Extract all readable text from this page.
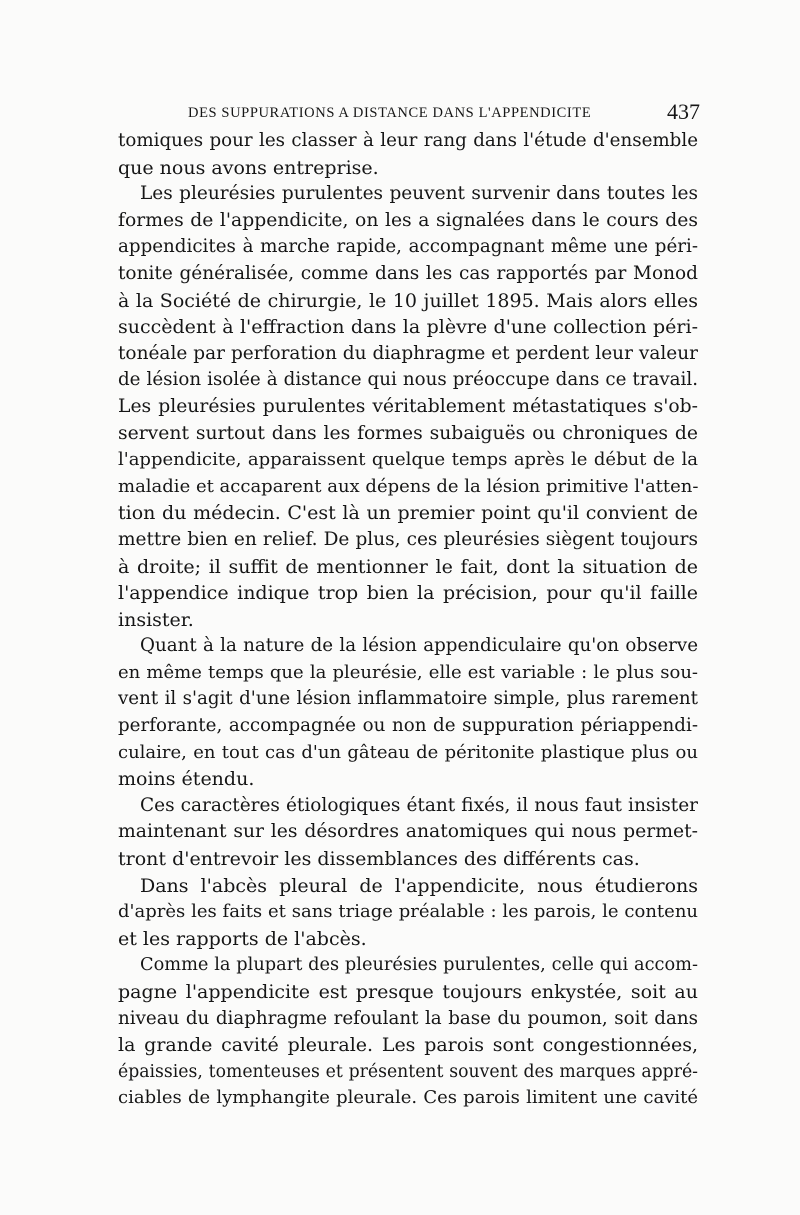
DES SUPPURATIONS A DISTANCE DANS L'APPENDICITE	437
tomiques pour les classer à leur rang dans l'étude d'ensemble
que nous avons entreprise.
Les pleurésies purulentes peuvent survenir dans toutes les
formes de l'appendicite, on les a signalées dans le cours des
appendicites à marche rapide, accompagnant même une péri-
tonite généralisée, comme dans les cas rapportés par Monod
à la Société de chirurgie, le 10 juillet 1895. Mais alors elles
succèdent à l'effraction dans la plèvre d'une collection péri-
tonéale par perforation du diaphragme et perdent leur valeur
de lésion isolée à distance qui nous préoccupe dans ce travail.
Les pleurésies purulentes véritablement métastatiques s'ob-
servent surtout dans les formes subaiguës ou chroniques de
l'appendicite, apparaissent quelque temps après le début de la
maladie et accaparent aux dépens de la lésion primitive l'atten-
tion du médecin. C'est là un premier point qu'il convient de
mettre bien en relief. De plus, ces pleurésies siègent toujours
à droite; il suffit de mentionner le fait, dont la situation de
l'appendice indique trop bien la précision, pour qu'il faille
insister.
Quant à la nature de la lésion appendiculaire qu'on observe
en même temps que la pleurésie, elle est variable : le plus sou-
vent il s'agit d'une lésion inflammatoire simple, plus rarement
perforante, accompagnée ou non de suppuration périappendi-
culaire, en tout cas d'un gâteau de péritonite plastique plus ou
moins étendu.
Ces caractères étiologiques étant fixés, il nous faut insister
maintenant sur les désordres anatomiques qui nous permet-
tront d'entrevoir les dissemblances des différents cas.
Dans l'abcès pleural de l'appendicite, nous étudierons
d'après les faits et sans triage préalable : les parois, le contenu
et les rapports de l'abcès.
Comme la plupart des pleurésies purulentes, celle qui accom-
pagne l'appendicite est presque toujours enkystée, soit au
niveau du diaphragme refoulant la base du poumon, soit dans
la grande cavité pleurale. Les parois sont congestionnées,
épaissies, tomenteuses et présentent souvent des marques appré-
ciables de lymphangite pleurale. Ces parois limitent une cavité
